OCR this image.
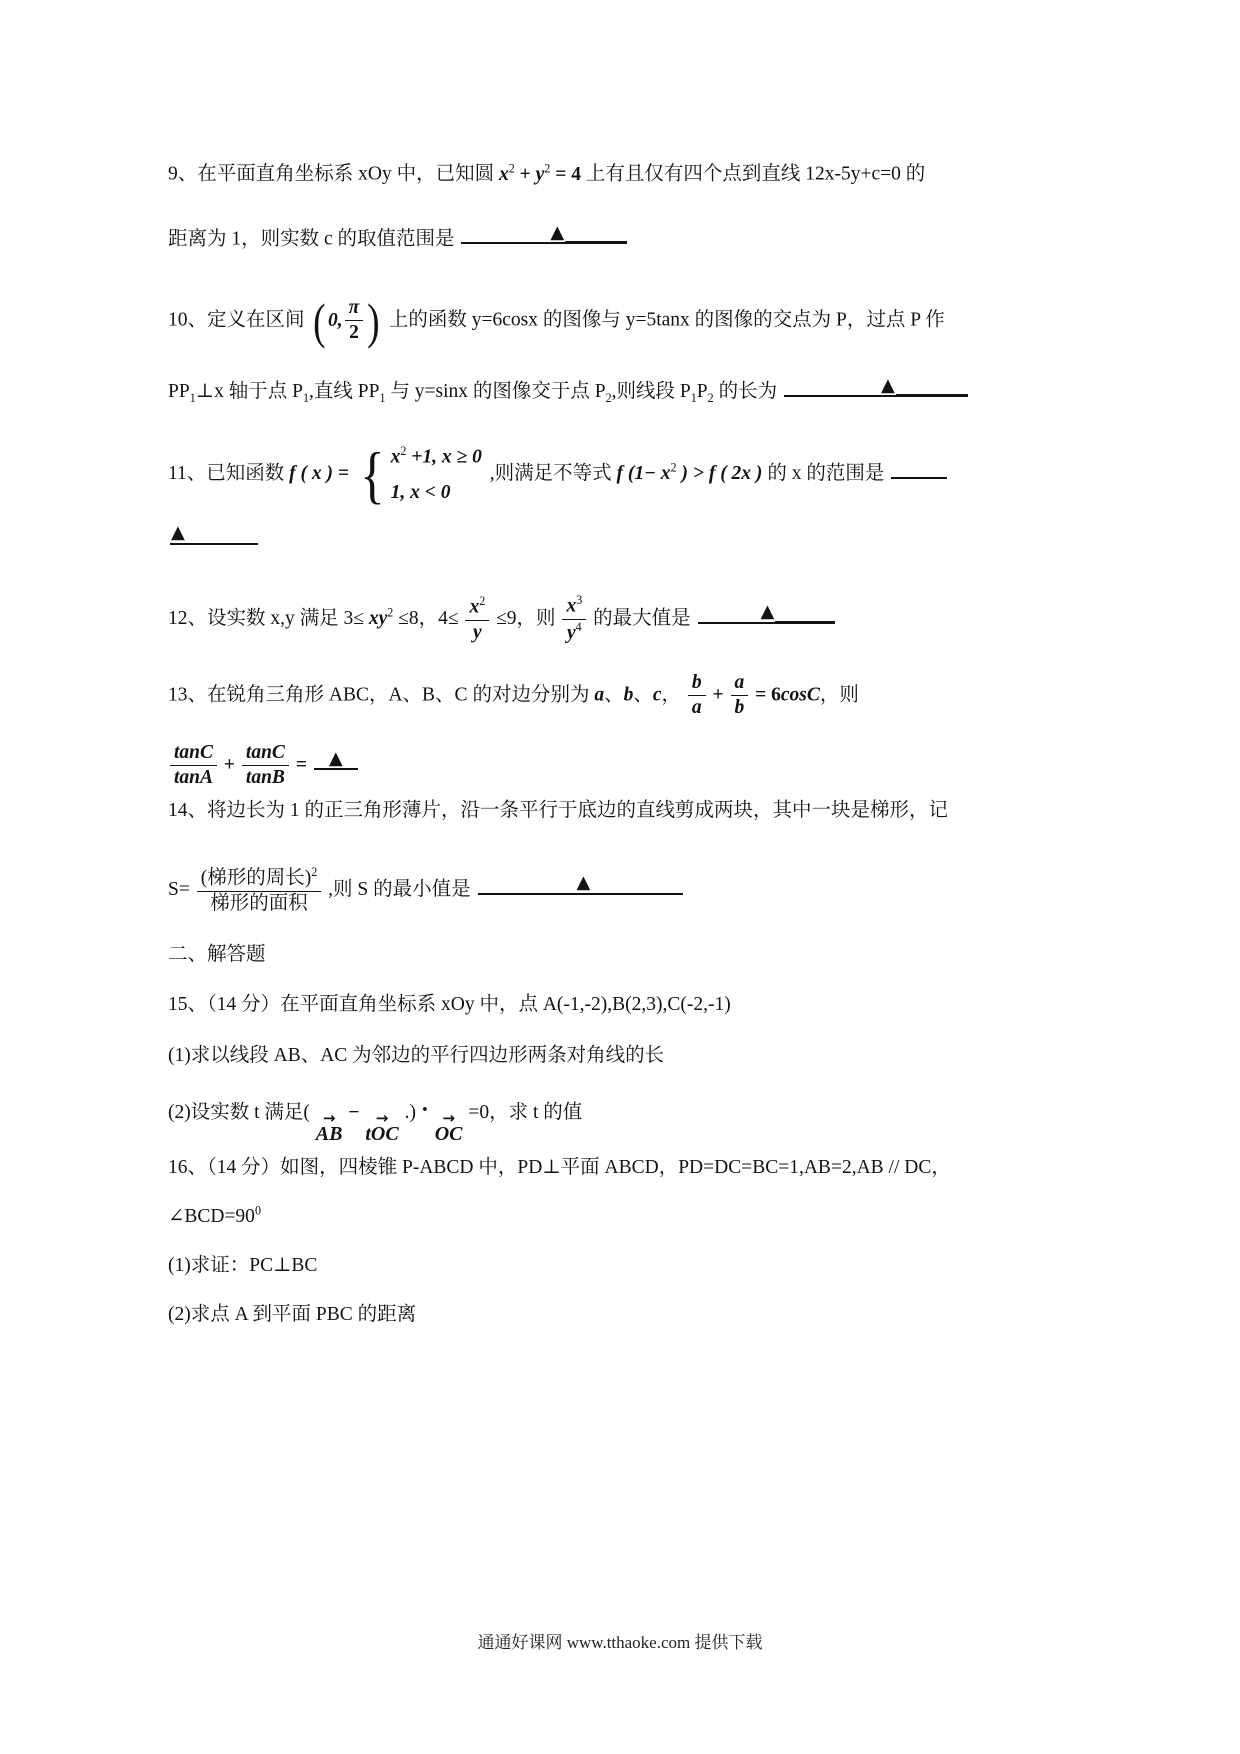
9、在平面直角坐标系 xOy 中，已知圆 $x^2 + y^2 = 4$ 上有且仅有四个点到直线 12x-5y+c=0 的
距离为 1，则实数 c 的取值范围是	▲
10、定义在区间 ( 0, $\frac{\pi}{2}$ ) 上的函数 y=6cosx 的图像与 y=5tanx 的图像的交点为 P，过点 P 作
$PP_1\perp x$ 轴于点 $P_1$,直线 $PP_1$ 与 y=sinx 的图像交于点 $P_2$,则线段 $P_1P_2$ 的长为	▲
11、已知函数 f ( x ) = { $x^2 +1$, x ≥ 0
1, x < 0
,则满足不等式 f ($1- x^2$ ) > f ( 2x ) 的 x 的范围是
▲
12、设实数 x,y 满足 $3\le xy^2 \le 8$，$4\le \frac{x^2}{y} \le 9$，则 $\frac{x^3}{y^4}$ 的最大值是	▲
13、在锐角三角形 ABC，A、B、C 的对边分别为 a、b、c， $\frac{b}{a} + \frac{a}{b} = 6\cos C$，则
$\frac{\tan C}{\tan A} + \frac{\tan C}{\tan B}$ = ▲
14、将边长为 1 的正三角形薄片，沿一条平行于底边的直线剪成两块，其中一块是梯形，记
$S= \frac{(梯形的周长)^2}{\text{梯形的面积}}$ ,则 S 的最小值是	▲
二、解答题
15、（14 分）在平面直角坐标系 xOy 中，点 A(-1,-2),B(2,3),C(-2,-1)
(1)求以线段 AB、AC 为邻边的平行四边形两条对角线的长
(2)设实数 t 满足( →
AB
− →
tOC
.) · →
OC
=0，求 t 的值
16、（14 分）如图，四棱锥 P-ABCD 中，PD⊥平面 ABCD，PD=DC=BC=1,AB=2,AB // DC，
$\angle BCD=90^0$
(1)求证：PC⊥BC
(2)求点 A 到平面 PBC 的距离
通通好课网 www.tthaoke.com 提供下载
